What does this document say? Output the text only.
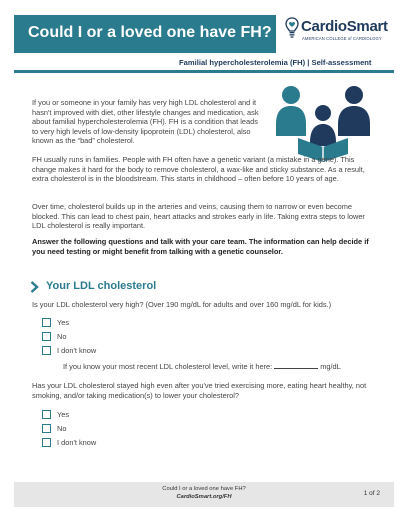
Could I or a loved one have FH? CardioSmart
AMERICAN COLLEGE of CARDIOLOGY
Familial hypercholesterolemia (FH) | Self-assessment
If you or someone in your family has very high LDL cholesterol and it hasn't improved with diet, other lifestyle changes and medication, ask about familial hypercholesterolemia (FH). FH is a condition that leads to very high levels of low-density lipoprotein (LDL) cholesterol, also known as the “bad” cholesterol.
FH usually runs in families. People with FH often have a genetic variant (a mistake in a gene). This change makes it hard for the body to remove cholesterol, a wax-like and sticky substance. As a result, extra cholesterol is in the bloodstream. This starts in childhood – often before 10 years of age.
Over time, cholesterol builds up in the arteries and veins, causing them to narrow or even become blocked. This can lead to chest pain, heart attacks and strokes early in life. Taking extra steps to lower LDL cholesterol is really important.
Answer the following questions and talk with your care team. The information can help decide if you need testing or might benefit from talking with a genetic counselor.
Your LDL cholesterol
Is your LDL cholesterol very high? (Over 190 mg/dL for adults and over 160 mg/dL for kids.)
Yes
No
I don't know
If you know your most recent LDL cholesterol level, write it here:	mg/dL
Has your LDL cholesterol stayed high even after you've tried exercising more, eating heart healthy, not smoking, and/or taking medication(s) to lower your cholesterol?
Yes
No
I don't know
Could I or a loved one have FH?
CardioSmart.org/FH	1 of 2
